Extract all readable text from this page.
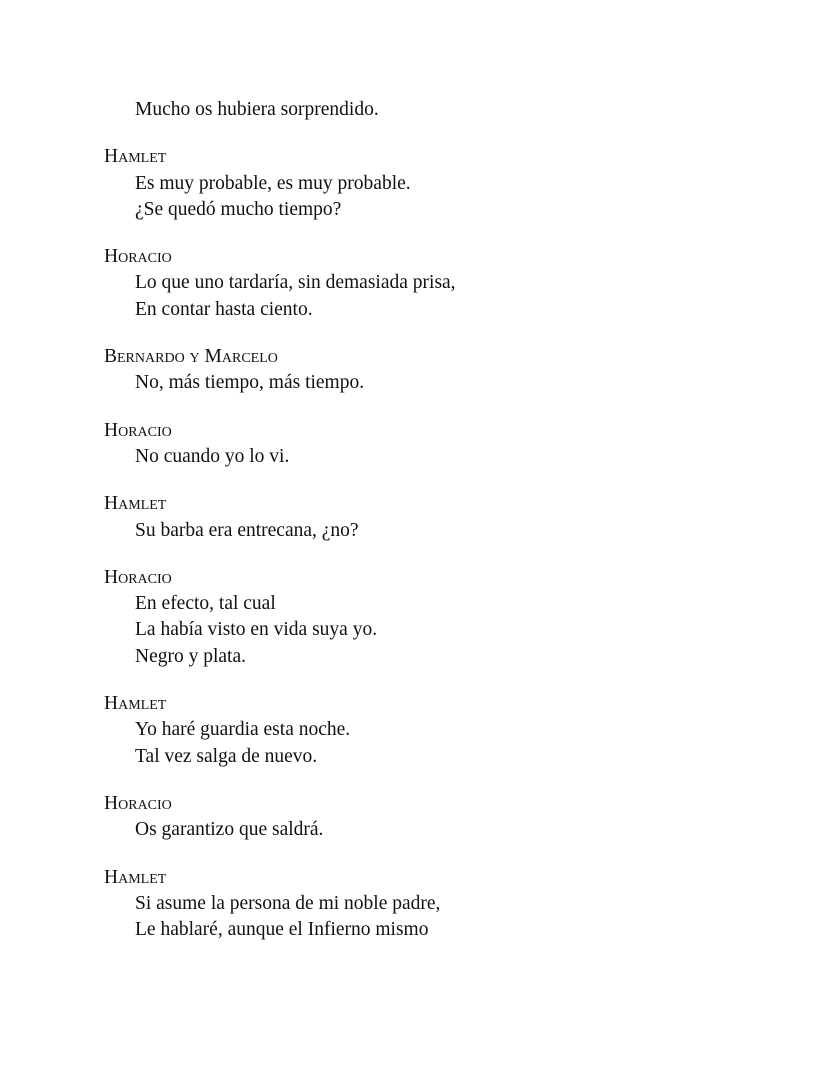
Mucho os hubiera sorprendido.
Hamlet
Es muy probable, es muy probable.
¿Se quedó mucho tiempo?
Horacio
Lo que uno tardaría, sin demasiada prisa,
En contar hasta ciento.
Bernardo y Marcelo
No, más tiempo, más tiempo.
Horacio
No cuando yo lo vi.
Hamlet
Su barba era entrecana, ¿no?
Horacio
En efecto, tal cual
La había visto en vida suya yo.
Negro y plata.
Hamlet
Yo haré guardia esta noche.
Tal vez salga de nuevo.
Horacio
Os garantizo que saldrá.
Hamlet
Si asume la persona de mi noble padre,
Le hablaré, aunque el Infierno mismo
